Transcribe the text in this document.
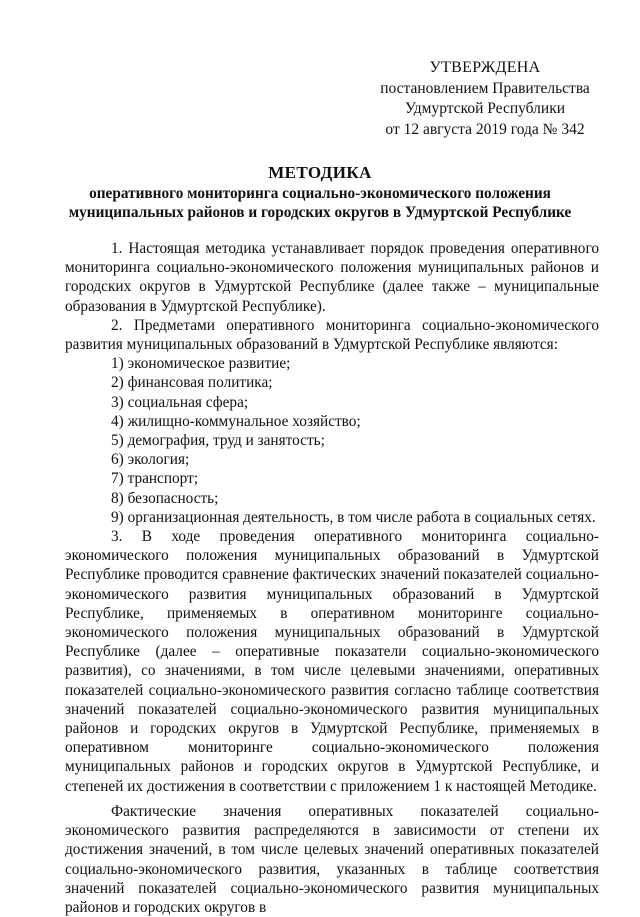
УТВЕРЖДЕНА
постановлением Правительства
Удмуртской Республики
от 12 августа 2019 года № 342
МЕТОДИКА
оперативного мониторинга социально-экономического положения
муниципальных районов и городских округов в Удмуртской Республике

1. Настоящая методика устанавливает порядок проведения оперативного мониторинга социально-экономического положения муниципальных районов и городских округов в Удмуртской Республике (далее также – муниципальные образования в Удмуртской Республике).

2. Предметами оперативного мониторинга социально-экономического развития муниципальных образований в Удмуртской Республике являются:

1) экономическое развитие;
2) финансовая политика;
3) социальная сфера;
4) жилищно-коммунальное хозяйство;
5) демография, труд и занятость;
6) экология;
7) транспорт;
8) безопасность;
9) организационная деятельность, в том числе работа в социальных сетях.

3. В ходе проведения оперативного мониторинга социально-экономического положения муниципальных образований в Удмуртской Республике проводится сравнение фактических значений показателей социально-экономического развития муниципальных образований в Удмуртской Республике, применяемых в оперативном мониторинге социально-экономического положения муниципальных образований в Удмуртской Республике (далее – оперативные показатели социально-экономического развития), со значениями, в том числе целевыми значениями, оперативных показателей социально-экономического развития согласно таблице соответствия значений показателей социально-экономического развития муниципальных районов и городских округов в Удмуртской Республике, применяемых в оперативном мониторинге социально-экономического положения муниципальных районов и городских округов в Удмуртской Республике, и степеней их достижения в соответствии с приложением 1 к настоящей Методике.

Фактические значения оперативных показателей социально-экономического развития распределяются в зависимости от степени их достижения значений, в том числе целевых значений оперативных показателей социально-экономического развития, указанных в таблице соответствия значений показателей социально-экономического развития муниципальных районов и городских округов в
